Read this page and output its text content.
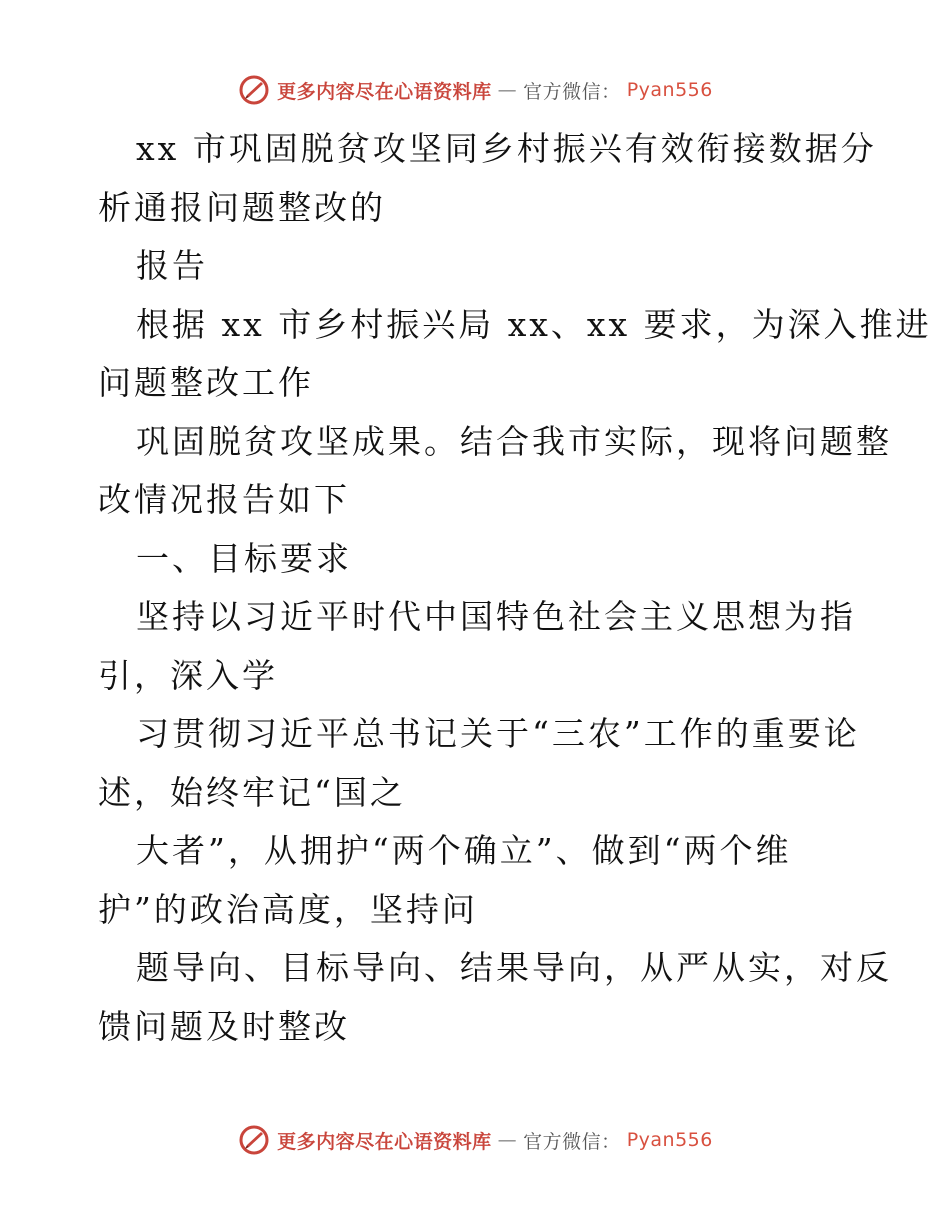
更多内容尽在心语资料库 — 官方微信： Pyan556
xx 市巩固脱贫攻坚同乡村振兴有效衔接数据分
析通报问题整改的
报告
根据 xx 市乡村振兴局 xx、xx 要求，为深入推进
问题整改工作
巩固脱贫攻坚成果。结合我市实际，现将问题整
改情况报告如下
一、目标要求
坚持以习近平时代中国特色社会主义思想为指
引，深入学
习贯彻习近平总书记关于“三农”工作的重要论
述，始终牢记“国之
大者”，从拥护“两个确立”、做到“两个维
护”的政治高度，坚持问
题导向、目标导向、结果导向，从严从实，对反
馈问题及时整改
更多内容尽在心语资料库 — 官方微信： Pyan556
